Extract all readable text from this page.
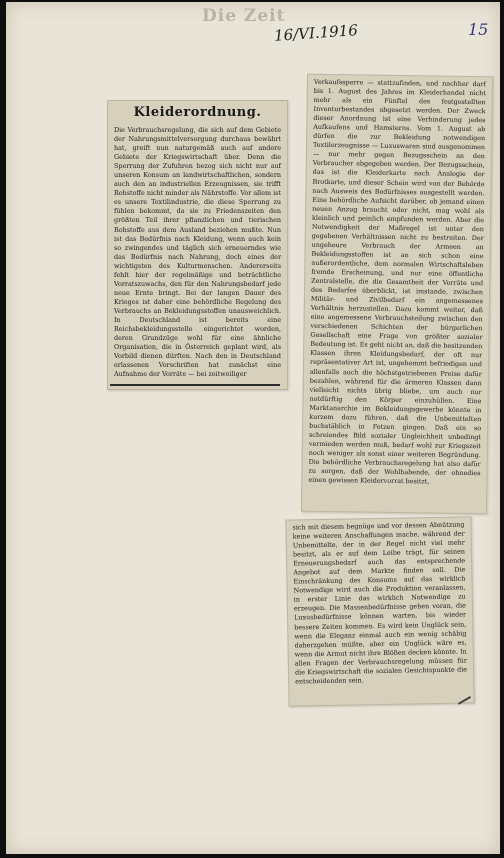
Die Zeit
16/VI.1916	15
Kleiderordnung.

Die Verbrauchsregelung, die sich auf dem Gebiete der Nahrungsmittelversorgung durchaus bewährt hat, greift nun naturgemäß auch auf andere Gebiete der Kriegswirtschaft über. Denn die Sperrung der Zufuhren bezog sich nicht nur auf unseren Konsum an landwirtschaftlichen, sondern auch den an industriellen Erzeugnissen, sie trifft Rohstoffe nicht minder als Nährstoffe. Vor allem ist es unsere Textilindustrie, die diese Sperrung zu fühlen bekommt, da sie zu Friedenszeiten den größten Teil ihrer pflanzlichen und tierischen Rohstoffe aus dem Ausland beziehen mußte. Nun ist das Bedürfnis nach Kleidung, wenn auch kein so zwingendes und täglich sich erneuerndes wie das Bedürfnis nach Nahrung, doch eines der wichtigsten des Kulturmenschen. Andererseits fehlt hier der regelmäßige und beträchtliche Vorratszuwachs, den für den Nahrungsbedarf jede neue Ernte bringt. Bei der langen Dauer des Krieges ist daher eine behördliche Regelung des Verbrauchs an Bekleidungsstoffen unausweichlich. In Deutschland ist bereits eine Reichsbekleidungsstelle eingerichtet worden, deren Grundzüge wohl für eine ähnliche Organisation, die in Österreich geplant wird, als Vorbild dienen dürften. Nach den in Deutschland erlassenen Vorschriften hat zunächst eine Aufnahme der Vorräte — bei zeitweiliger

Verkaufssperre — stattzufinden, und nachher darf bis 1. August des Jahres im Kleiderhandel nicht mehr als ein Fünftel des festgestellten Inventurbestandes abgesetzt werden. Der Zweck dieser Anordnung ist eine Verhinderung jedes Aufkaufens und Hamsterns. Vom 1. August ab dürfen die zur Bekleidung notwendigen Textilerzeugnisse — Luxuswaren sind ausgenommen — nur mehr gegen Bezugsschein an den Verbraucher abgegeben werden. Der Bezugsschein, das ist die Kleiderkarte nach Analogie der Brotkarte, und dieser Schein wird von der Behörde nach Ausweis des Bedürfnisses ausgestellt werden. Eine behördliche Aufsicht darüber, ob jemand einen neuen Anzug braucht oder nicht, mag wohl als kleinlich und peinlich empfunden werden. Aber die Notwendigkeit der Maßregel ist unter den gegebenen Verhältnissen nicht zu bestreiten. Der ungeheure Verbrauch der Armeen an Bekleidungsstoffen ist an sich schon eine außerordentliche, dem normalen Wirtschaftsleben fremde Erscheinung, und nur eine öffentliche Zentralstelle, die die Gesamtheit der Vorräte und des Bedarfes überblickt, ist imstande, zwischen Militär- und Zivilbedarf ein angemessenes Verhältnis herzustellen. Dazu kommt weiter, daß eine angemessene Verbrauchsteilung zwischen den verschiedenen Schichten der bürgerlichen Gesellschaft eine Frage von größter sozialer Bedeutung ist. Es geht nicht an, daß die besitzenden Klassen ihren Kleidungsbedarf, der oft nur repräsentativer Art ist, ungehemmt befriedigen und allenfalls auch die höchstgetriebenen Preise dafür bezahlen, während für die ärmeren Klassen dann vielleicht nichts übrig bliebe, um auch nur notdürftig den Körper einzuhüllen. Eine Marktanarchie im Bekleidungsgewerbe könnte in kurzem dazu führen, daß die Unbemittelten buchstäblich in Fetzen gingen. Daß ein so schreiendes Bild sozialer Ungleichheit unbedingt vermieden werden muß, bedarf wohl zur Kriegszeit noch weniger als sonst einer weiteren Begründung. Die behördliche Verbrauchsregelung hat also dafür zu sorgen, daß der Wohlhabende, der ohnedies einen gewissen Kleidervorrat besitzt,

sich mit diesem begnüge und vor dessen Abnützung keine weiteren Anschaffungen mache, während der Unbemittelte, der in der Regel nicht viel mehr besitzt, als er auf dem Leibe trägt, für seinen Erneuerungsbedarf auch das entsprechende Angebot auf dem Markte finden soll. Die Einschränkung des Konsums auf das wirklich Notwendige wird auch die Produktion veranlassen, in erster Linie das wirklich Notwendige zu erzeugen. Die Massenbedürfnisse gehen voran, die Luxusbedürfnisse können warten, bis wieder bessere Zeiten kommen. Es wird kein Unglück sein, wenn die Eleganz einmal auch ein wenig schäbig daherzgehen müßte, aber ein Unglück wäre es, wenn die Armut nicht ihre Blößen decken könnte. In allen Fragen der Verbrauchsregelung müssen für die Kriegswirtschaft die sozialen Gesichtspunkte die entscheidenden sein.
